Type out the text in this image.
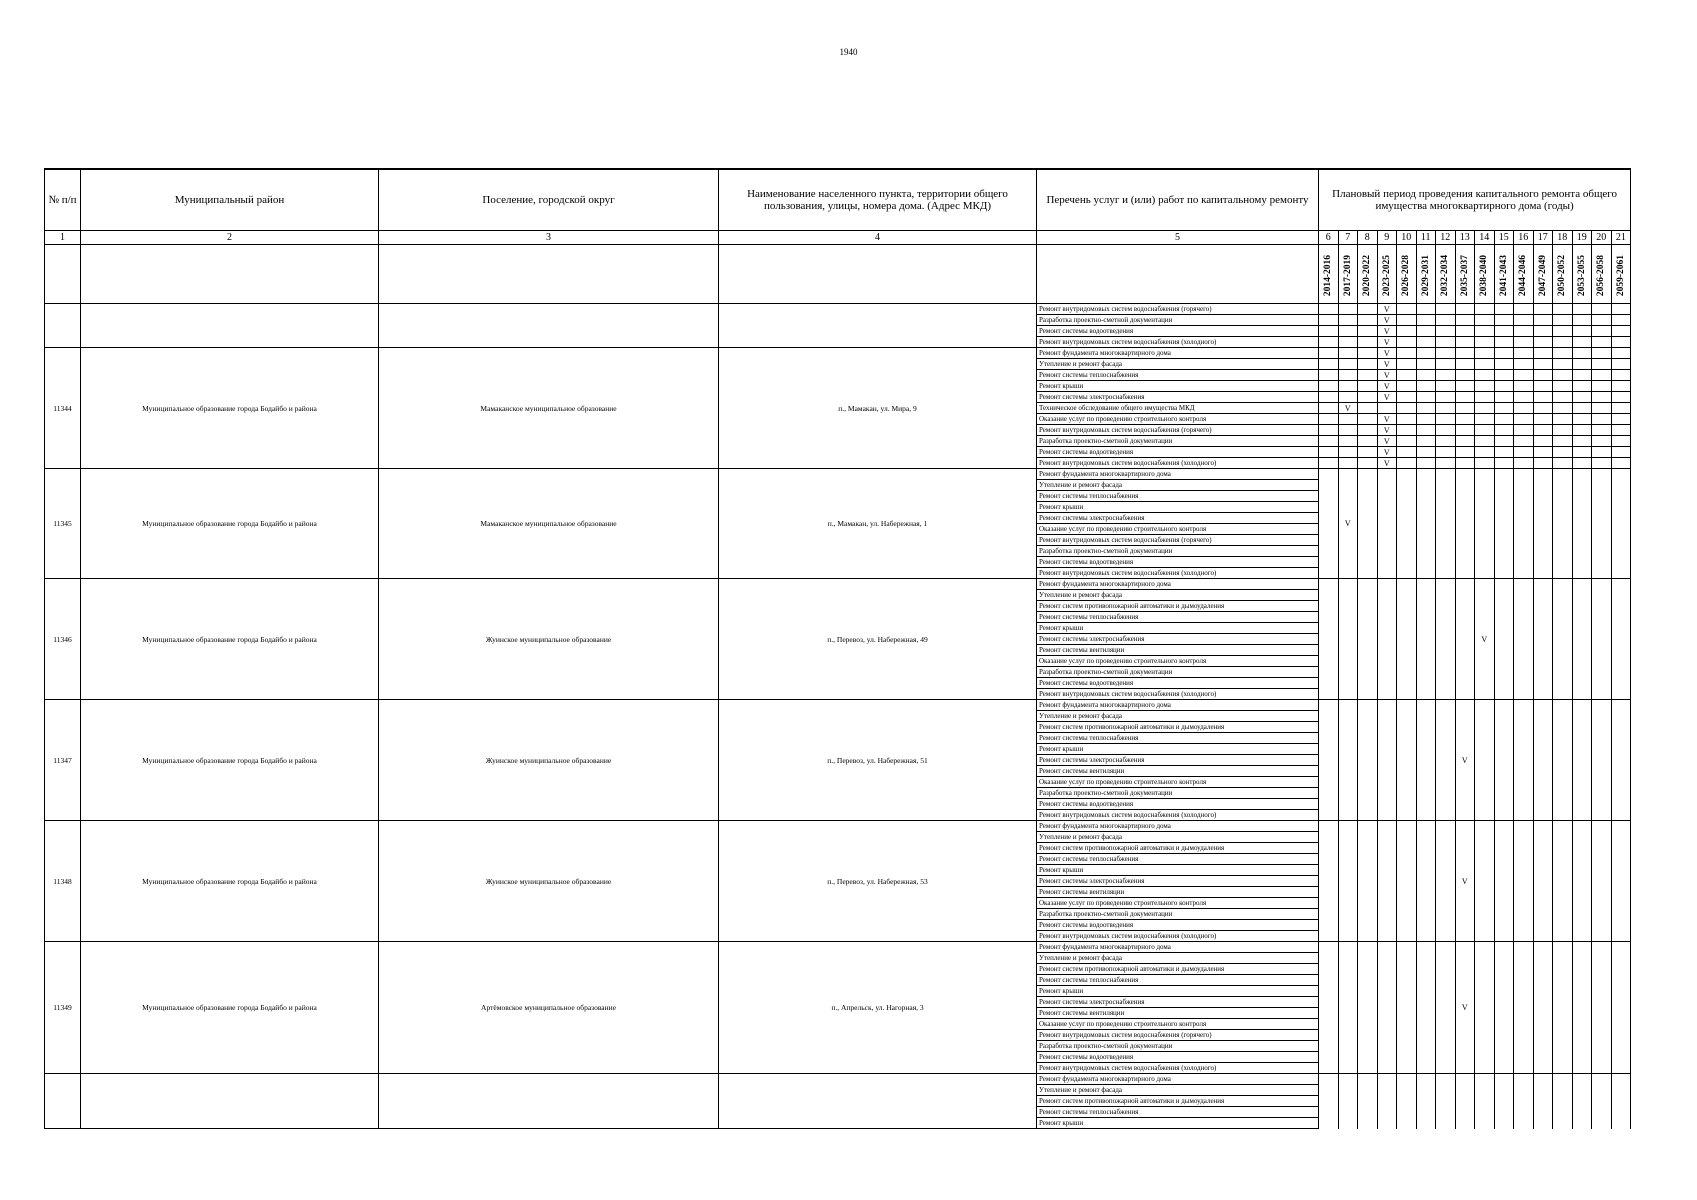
1940
№ п/п	Муниципальный район	Поселение, городской округ	Наименование населенного пункта, территории общего пользования, улицы, номера дома. (Адрес МКД)	Перечень услуг и (или) работ по капитальному ремонту	Плановый период проведения капитального ремонта общего имущества многоквартирного дома (годы)															
1	2	3	4	5	6	7	8	9	10	11	12	13	14	15	16	17	18	19	20	21
					2014-2016	2017-2019	2020-2022	2023-2025	2026-2028	2029-2031	2032-2034	2035-2037	2038-2040	2041-2043	2044-2046	2047-2049	2050-2052	2053-2055	2056-2058	2059-2061
				Ремонт внутридомовых систем водоснабжения (горячего)				V												
				Разработка проектно-сметной документации				V												
				Ремонт системы водоотведения				V												
				Ремонт внутридомовых систем водоснабжения (холодного)				V												
11344	Муниципальное образование города Бодайбо и района	Мамаканское муниципальное образование	п., Мамакан, ул. Мира, 9	Ремонт фундамента многоквартирного дома				V												
				Утепление и ремонт фасада				V												
				Ремонт системы теплоснабжения				V												
				Ремонт крыши				V												
				Ремонт системы электроснабжения				V												
				Техническое обследование общего имущества МКД		V														
				Оказание услуг по проведению строительного контроля				V												
				Ремонт внутридомовых систем водоснабжения (горячего)				V												
				Разработка проектно-сметной документации				V												
				Ремонт системы водоотведения				V												
				Ремонт внутридомовых систем водоснабжения (холодного)				V												
11345	Муниципальное образование города Бодайбо и района	Мамаканское муниципальное образование	п., Мамакан, ул. Набережная, 1	Ремонт фундамента многоквартирного дома		V														
				Утепление и ремонт фасада																
				Ремонт системы теплоснабжения																
				Ремонт крыши																
				Ремонт системы электроснабжения																
				Оказание услуг по проведению строительного контроля																
				Ремонт внутридомовых систем водоснабжения (горячего)																
				Разработка проектно-сметной документации																
				Ремонт системы водоотведения																
				Ремонт внутридомовых систем водоснабжения (холодного)																
11346	Муниципальное образование города Бодайбо и района	Жуинское муниципальное образование	п., Перевоз, ул. Набережная, 49	Ремонт фундамента многоквартирного дома									V							
				Утепление и ремонт фасада																
				Ремонт систем противопожарной автоматики и дымоудаления																
				Ремонт системы теплоснабжения																
				Ремонт крыши																
				Ремонт системы электроснабжения																
				Ремонт системы вентиляции																
				Оказание услуг по проведению строительного контроля																
				Разработка проектно-сметной документации																
				Ремонт системы водоотведения																
				Ремонт внутридомовых систем водоснабжения (холодного)																
11347	Муниципальное образование города Бодайбо и района	Жуинское муниципальное образование	п., Перевоз, ул. Набережная, 51	Ремонт фундамента многоквартирного дома								V								
				Утепление и ремонт фасада																
				Ремонт систем противопожарной автоматики и дымоудаления																
				Ремонт системы теплоснабжения																
				Ремонт крыши																
				Ремонт системы электроснабжения																
				Ремонт системы вентиляции																
				Оказание услуг по проведению строительного контроля																
				Разработка проектно-сметной документации																
				Ремонт системы водоотведения																
				Ремонт внутридомовых систем водоснабжения (холодного)																
11348	Муниципальное образование города Бодайбо и района	Жуинское муниципальное образование	п., Перевоз, ул. Набережная, 53	Ремонт фундамента многоквартирного дома								V								
				Утепление и ремонт фасада																
				Ремонт систем противопожарной автоматики и дымоудаления																
				Ремонт системы теплоснабжения																
				Ремонт крыши																
				Ремонт системы электроснабжения																
				Ремонт системы вентиляции																
				Оказание услуг по проведению строительного контроля																
				Разработка проектно-сметной документации																
				Ремонт системы водоотведения																
				Ремонт внутридомовых систем водоснабжения (холодного)																
11349	Муниципальное образование города Бодайбо и района	Артёмовское муниципальное образование	п., Апрельск, ул. Нагорная, 3	Ремонт фундамента многоквартирного дома								V								
				Утепление и ремонт фасада																
				Ремонт систем противопожарной автоматики и дымоудаления																
				Ремонт системы теплоснабжения																
				Ремонт крыши																
				Ремонт системы электроснабжения																
				Ремонт системы вентиляции																
				Оказание услуг по проведению строительного контроля																
				Ремонт внутридомовых систем водоснабжения (горячего)																
				Разработка проектно-сметной документации																
				Ремонт системы водоотведения																
				Ремонт внутридомовых систем водоснабжения (холодного)																
				Ремонт фундамента многоквартирного дома																
				Утепление и ремонт фасада																
				Ремонт систем противопожарной автоматики и дымоудаления																
				Ремонт системы теплоснабжения																
				Ремонт крыши																
